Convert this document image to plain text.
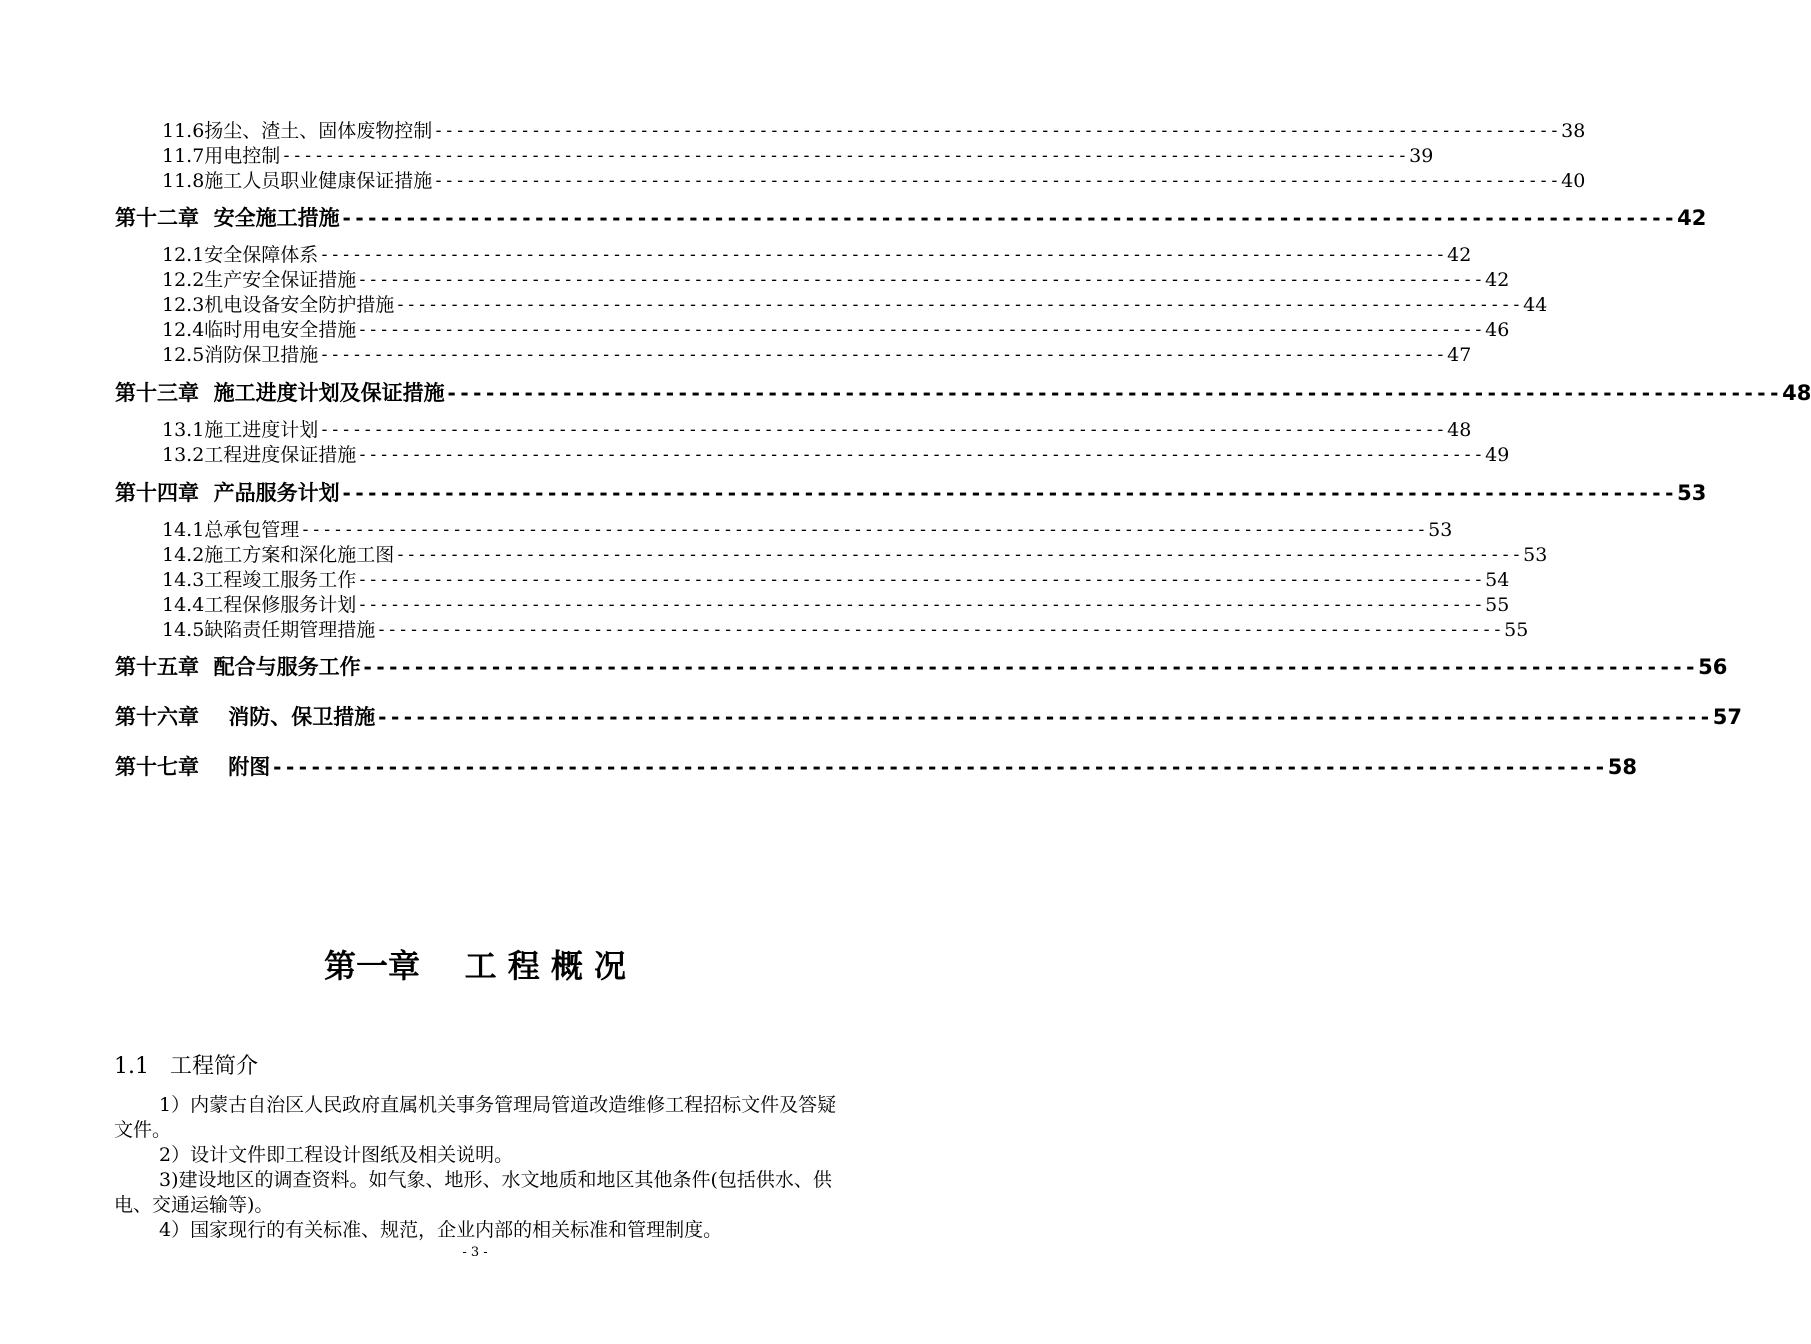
11.6扬尘、渣土、固体废物控制 -------------------------------------------------------------------------------------------------------- 38
11.7用电控制 -------------------------------------------------------------------------------------------------------- 39
11.8施工人员职业健康保证措施 -------------------------------------------------------------------------------------------------------- 40
第十二章  安全施工措施 -------------------------------------------------------------------------------------------------------- 42
12.1安全保障体系 -------------------------------------------------------------------------------------------------------- 42
12.2生产安全保证措施 -------------------------------------------------------------------------------------------------------- 42
12.3机电设备安全防护措施 -------------------------------------------------------------------------------------------------------- 44
12.4临时用电安全措施 -------------------------------------------------------------------------------------------------------- 46
12.5消防保卫措施 -------------------------------------------------------------------------------------------------------- 47
第十三章  施工进度计划及保证措施 -------------------------------------------------------------------------------------------------------- 48
13.1施工进度计划 -------------------------------------------------------------------------------------------------------- 48
13.2工程进度保证措施 -------------------------------------------------------------------------------------------------------- 49
第十四章  产品服务计划 -------------------------------------------------------------------------------------------------------- 53
14.1总承包管理 -------------------------------------------------------------------------------------------------------- 53
14.2施工方案和深化施工图 -------------------------------------------------------------------------------------------------------- 53
14.3工程竣工服务工作 -------------------------------------------------------------------------------------------------------- 54
14.4工程保修服务计划 -------------------------------------------------------------------------------------------------------- 55
14.5缺陷责任期管理措施 -------------------------------------------------------------------------------------------------------- 55
第十五章  配合与服务工作 -------------------------------------------------------------------------------------------------------- 56
第十六章    消防、保卫措施 -------------------------------------------------------------------------------------------------------- 57
第十七章    附图 -------------------------------------------------------------------------------------------------------- 58
第一章    工 程 概 况
1.1 工程简介
1）内蒙古自治区人民政府直属机关事务管理局管道改造维修工程招标文件及答疑文件。
2）设计文件即工程设计图纸及相关说明。
3)建设地区的调查资料。如气象、地形、水文地质和地区其他条件(包括供水、供电、交通运输等)。
4）国家现行的有关标准、规范，企业内部的相关标准和管理制度。
- 3 -
